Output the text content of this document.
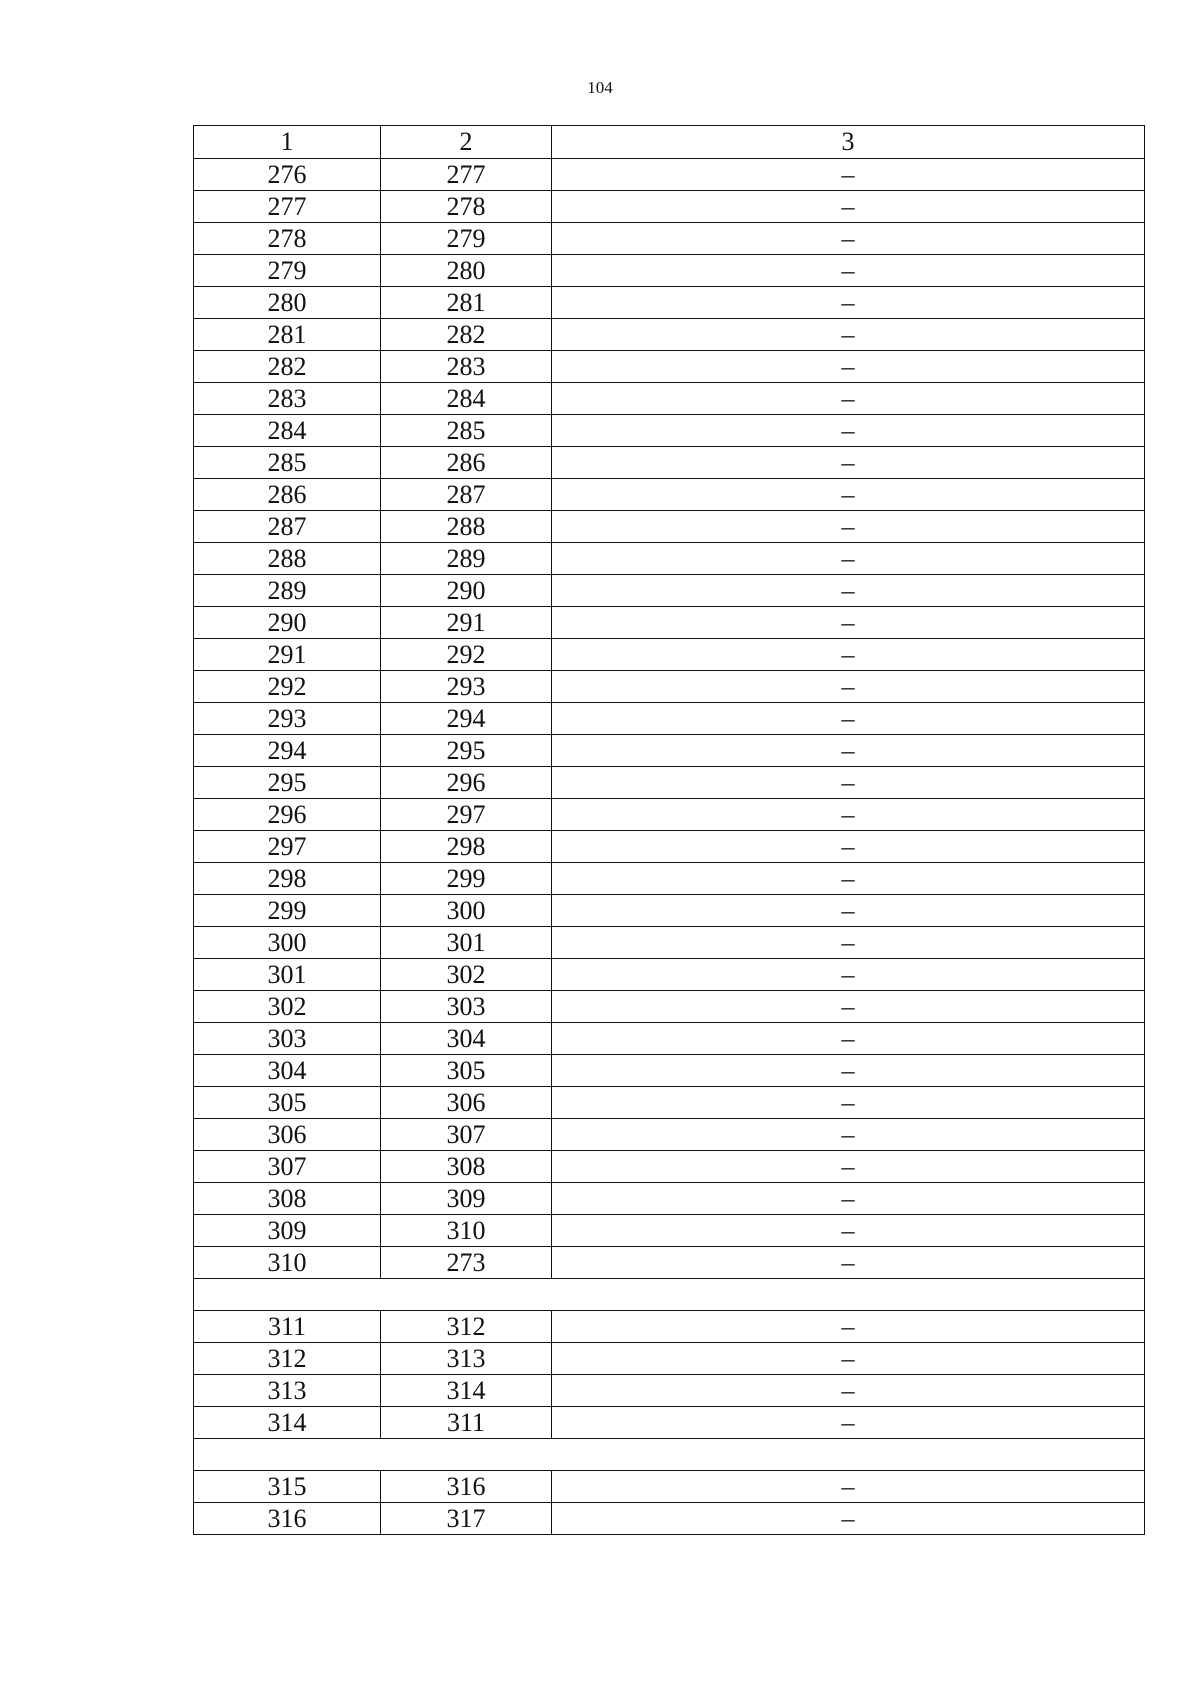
104
1	2	3
276	277	–
277	278	–
278	279	–
279	280	–
280	281	–
281	282	–
282	283	–
283	284	–
284	285	–
285	286	–
286	287	–
287	288	–
288	289	–
289	290	–
290	291	–
291	292	–
292	293	–
293	294	–
294	295	–
295	296	–
296	297	–
297	298	–
298	299	–
299	300	–
300	301	–
301	302	–
302	303	–
303	304	–
304	305	–
305	306	–
306	307	–
307	308	–
308	309	–
309	310	–
310	273	–

311	312	–
312	313	–
313	314	–
314	311	–

315	316	–
316	317	–
